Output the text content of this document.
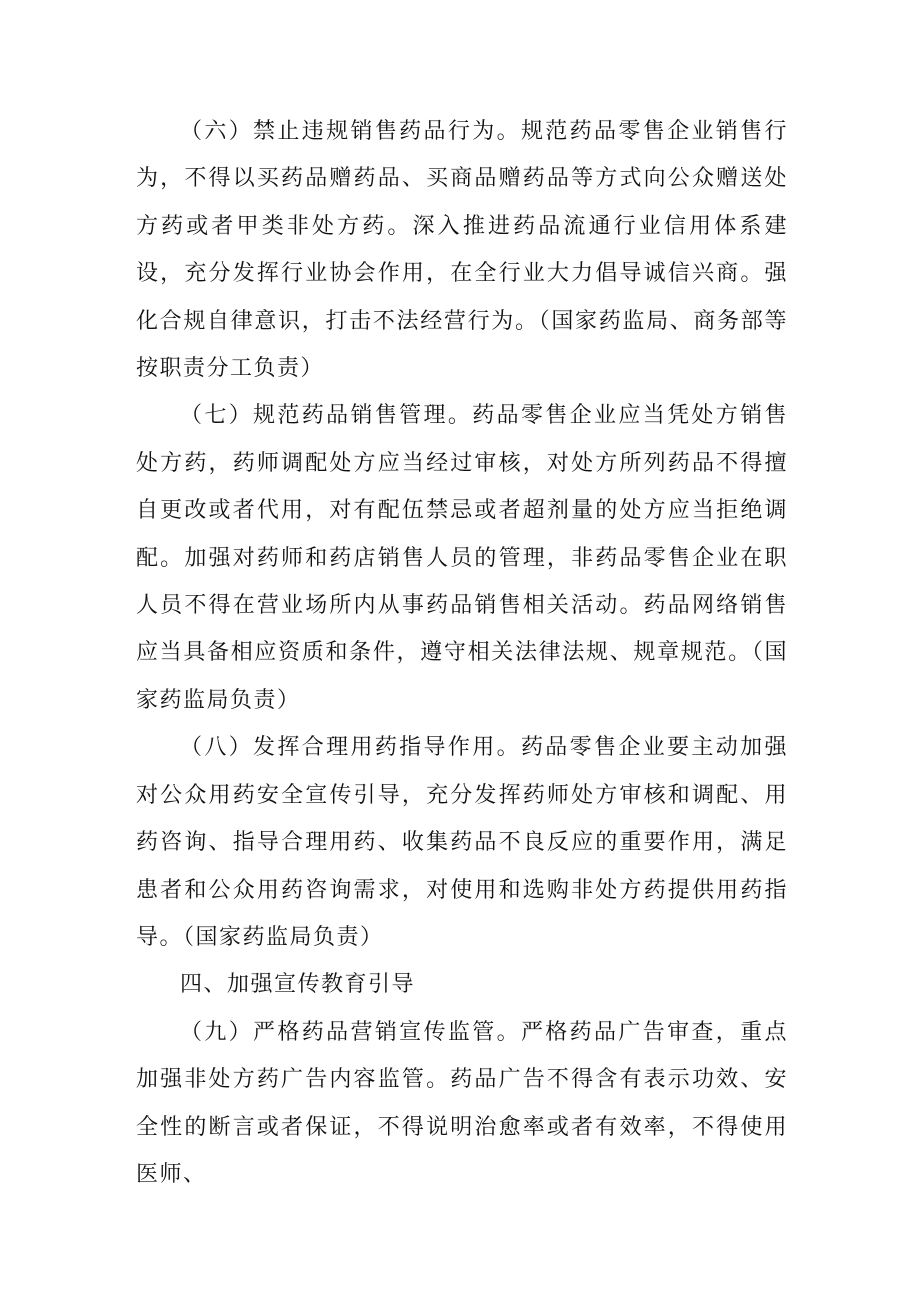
（六）禁止违规销售药品行为。规范药品零售企业销售行为，不得以买药品赠药品、买商品赠药品等方式向公众赠送处方药或者甲类非处方药。深入推进药品流通行业信用体系建设，充分发挥行业协会作用，在全行业大力倡导诚信兴商。强化合规自律意识，打击不法经营行为。（国家药监局、商务部等按职责分工负责）

（七）规范药品销售管理。药品零售企业应当凭处方销售处方药，药师调配处方应当经过审核，对处方所列药品不得擅自更改或者代用，对有配伍禁忌或者超剂量的处方应当拒绝调配。加强对药师和药店销售人员的管理，非药品零售企业在职人员不得在营业场所内从事药品销售相关活动。药品网络销售应当具备相应资质和条件，遵守相关法律法规、规章规范。（国家药监局负责）

（八）发挥合理用药指导作用。药品零售企业要主动加强对公众用药安全宣传引导，充分发挥药师处方审核和调配、用药咨询、指导合理用药、收集药品不良反应的重要作用，满足患者和公众用药咨询需求，对使用和选购非处方药提供用药指导。（国家药监局负责）

四、加强宣传教育引导

（九）严格药品营销宣传监管。严格药品广告审查，重点加强非处方药广告内容监管。药品广告不得含有表示功效、安全性的断言或者保证，不得说明治愈率或者有效率，不得使用医师、
